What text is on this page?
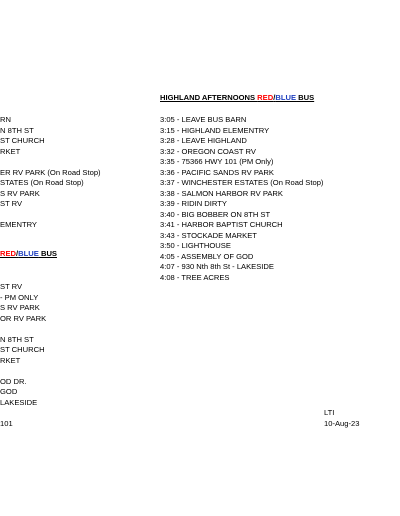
HIGHLAND AFTERNOONS RED/BLUE BUS
3:05 - LEAVE BUS BARN
3:15 - HIGHLAND ELEMENTRY
3:28 - LEAVE HIGHLAND
3:32 - OREGON COAST RV
3:35 - 75366 HWY 101 (PM Only)
3:36 - PACIFIC SANDS RV PARK
3:37 - WINCHESTER ESTATES (On Road Stop)
3:38 - SALMON HARBOR RV PARK
3:39 - RIDIN DIRTY
3:40 - BIG BOBBER ON 8TH ST
3:41 - HARBOR BAPTIST CHURCH
3:43 - STOCKADE MARKET
3:50 - LIGHTHOUSE
4:05 - ASSEMBLY OF GOD
4:07 - 930 Nth 8th St - LAKESIDE
4:08 - TREE ACRES
LTI
10-Aug-23
RN
N 8TH ST
ST CHURCH
RKET
ER RV PARK (On Road Stop)
STATES (On Road Stop)
S RV PARK
ST RV
EMENTRY
RED/BLUE BUS
ST RV
- PM ONLY
S RV PARK
OR RV PARK
N 8TH ST
ST CHURCH
RKET
OD DR.
GOD
LAKESIDE
101
